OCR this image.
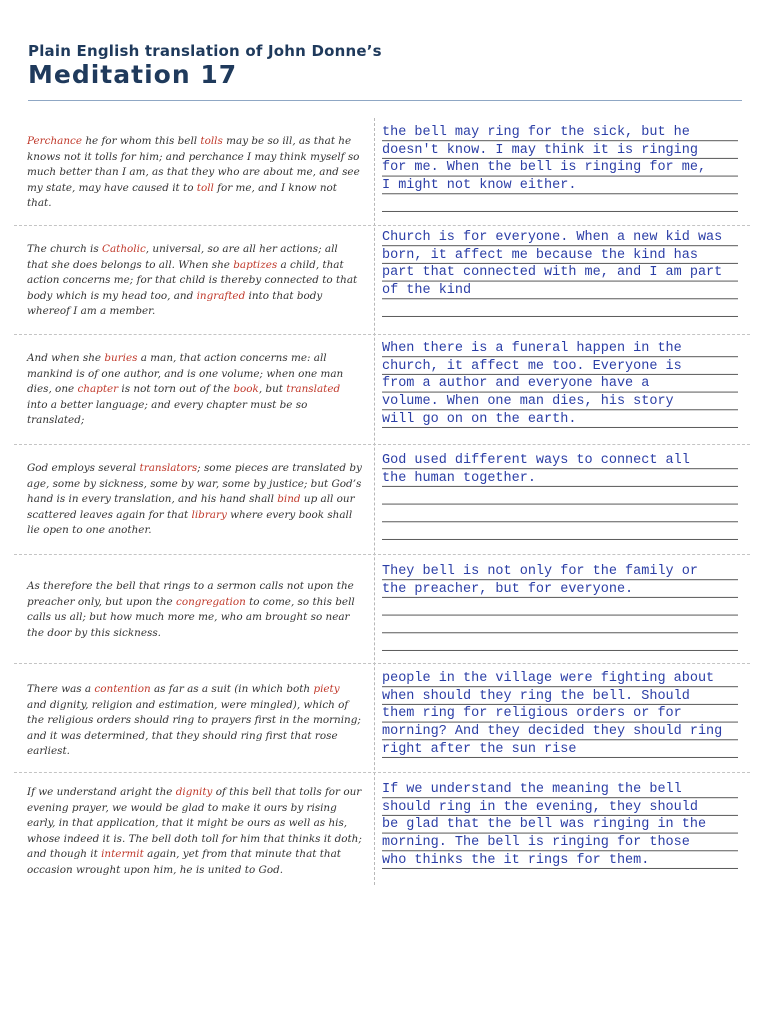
Plain English translation of John Donne’s
Meditation 17
Perchance he for whom this bell tolls may be so ill, as that he knows not it tolls for him; and perchance I may think myself so much better than I am, as that they who are about me, and see my state, may have caused it to toll for me, and I know not that.
the bell may ring for the sick, but he
doesn't know. I may think it is ringing
for me. When the bell is ringing for me,
I might not know either.
The church is Catholic, universal, so are all her actions; all that she does belongs to all. When she baptizes a child, that action concerns me; for that child is thereby connected to that body which is my head too, and ingrafted into that body whereof I am a member.
Church is for everyone. When a new kid was
born, it affect me because the kind has
part that connected with me, and I am part
of the kind
And when she buries a man, that action concerns me: all mankind is of one author, and is one volume; when one man dies, one chapter is not torn out of the book, but translated into a better language; and every chapter must be so translated;
When there is a funeral happen in the
church, it affect me too. Everyone is
from a author and everyone have a
volume. When one man dies, his story
will go on on the earth.
God employs several translators; some pieces are translated by age, some by sickness, some by war, some by justice; but God’s hand is in every translation, and his hand shall bind up all our scattered leaves again for that library where every book shall lie open to one another.
God used different ways to connect all
the human together.
As therefore the bell that rings to a sermon calls not upon the preacher only, but upon the congregation to come, so this bell calls us all; but how much more me, who am brought so near the door by this sickness.
They bell is not only for the family or
the preacher, but for everyone.
There was a contention as far as a suit (in which both piety and dignity, religion and estimation, were mingled), which of the religious orders should ring to prayers first in the morning; and it was determined, that they should ring first that rose earliest.
people in the village were fighting about
when should they ring the bell. Should
them ring for religious orders or for
morning? And they decided they should ring
right after the sun rise
If we understand aright the dignity of this bell that tolls for our evening prayer, we would be glad to make it ours by rising early, in that application, that it might be ours as well as his, whose indeed it is. The bell doth toll for him that thinks it doth; and though it intermit again, yet from that minute that that occasion wrought upon him, he is united to God.
If we understand the meaning the bell
should ring in the evening, they should
be glad that the bell was ringing in the
morning. The bell is ringing for those
who thinks the it rings for them.
